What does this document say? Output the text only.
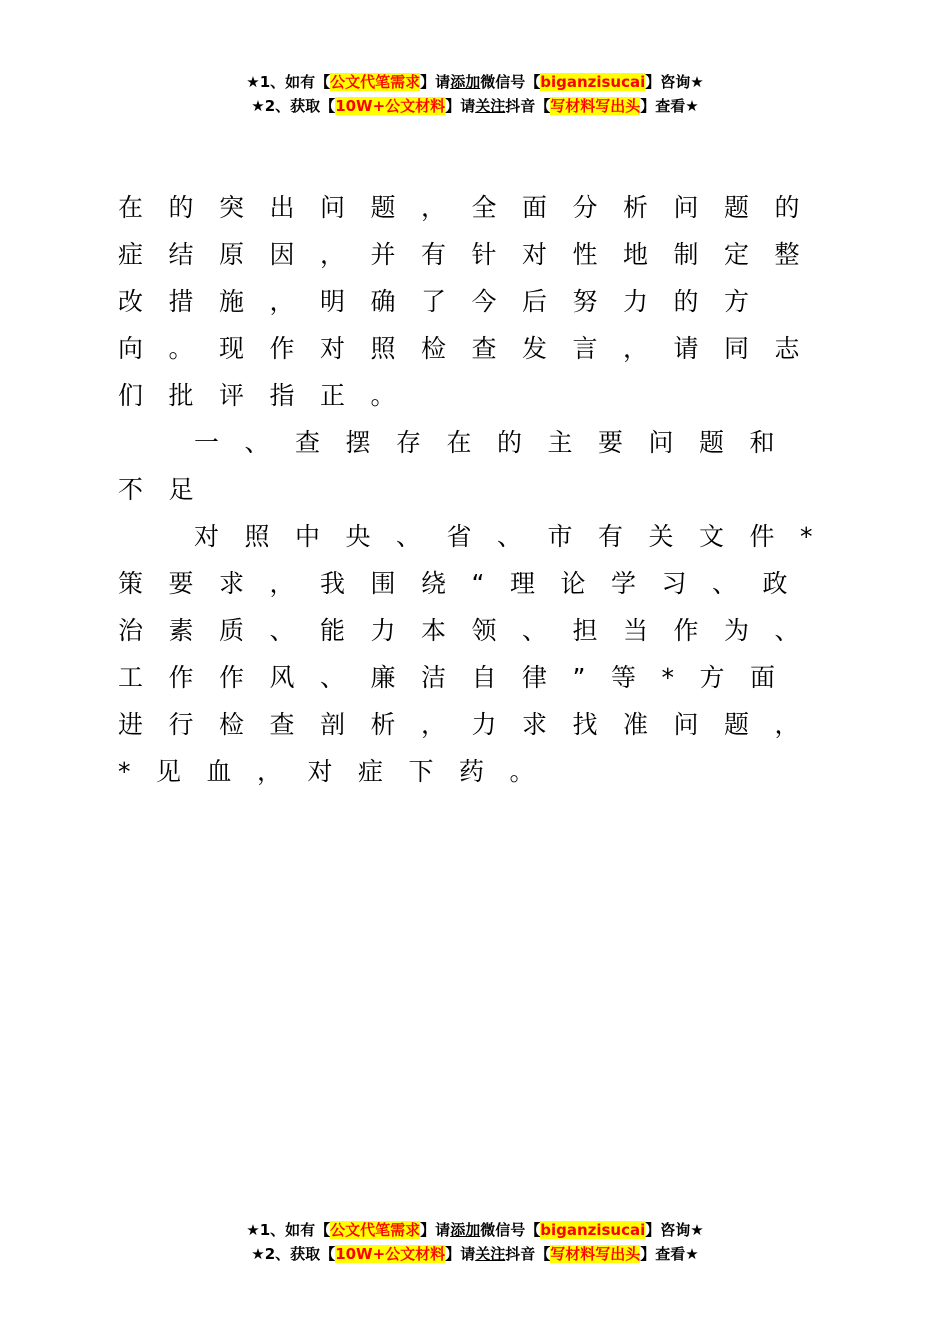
★1、如有【公文代笔需求】请添加微信号【biganzisucai】咨询★
★2、获取【10W+公文材料】请关注抖音【写材料写出头】查看★

在的突出问题，全面分析问题的症结原因，并有针对性地制定整改措施，明确了今后努力的方向。现作对照检查发言，请同志们批评指正。

一、查摆存在的主要问题和不足

对照中央、省、市有关文件*策要求，我围绕“理论学习、政治素质、能力本领、担当作为、工作作风、廉洁自律”等*方面进行检查剖析，力求找准问题，*见血，对症下药。

★1、如有【公文代笔需求】请添加微信号【biganzisucai】咨询★
★2、获取【10W+公文材料】请关注抖音【写材料写出头】查看★
